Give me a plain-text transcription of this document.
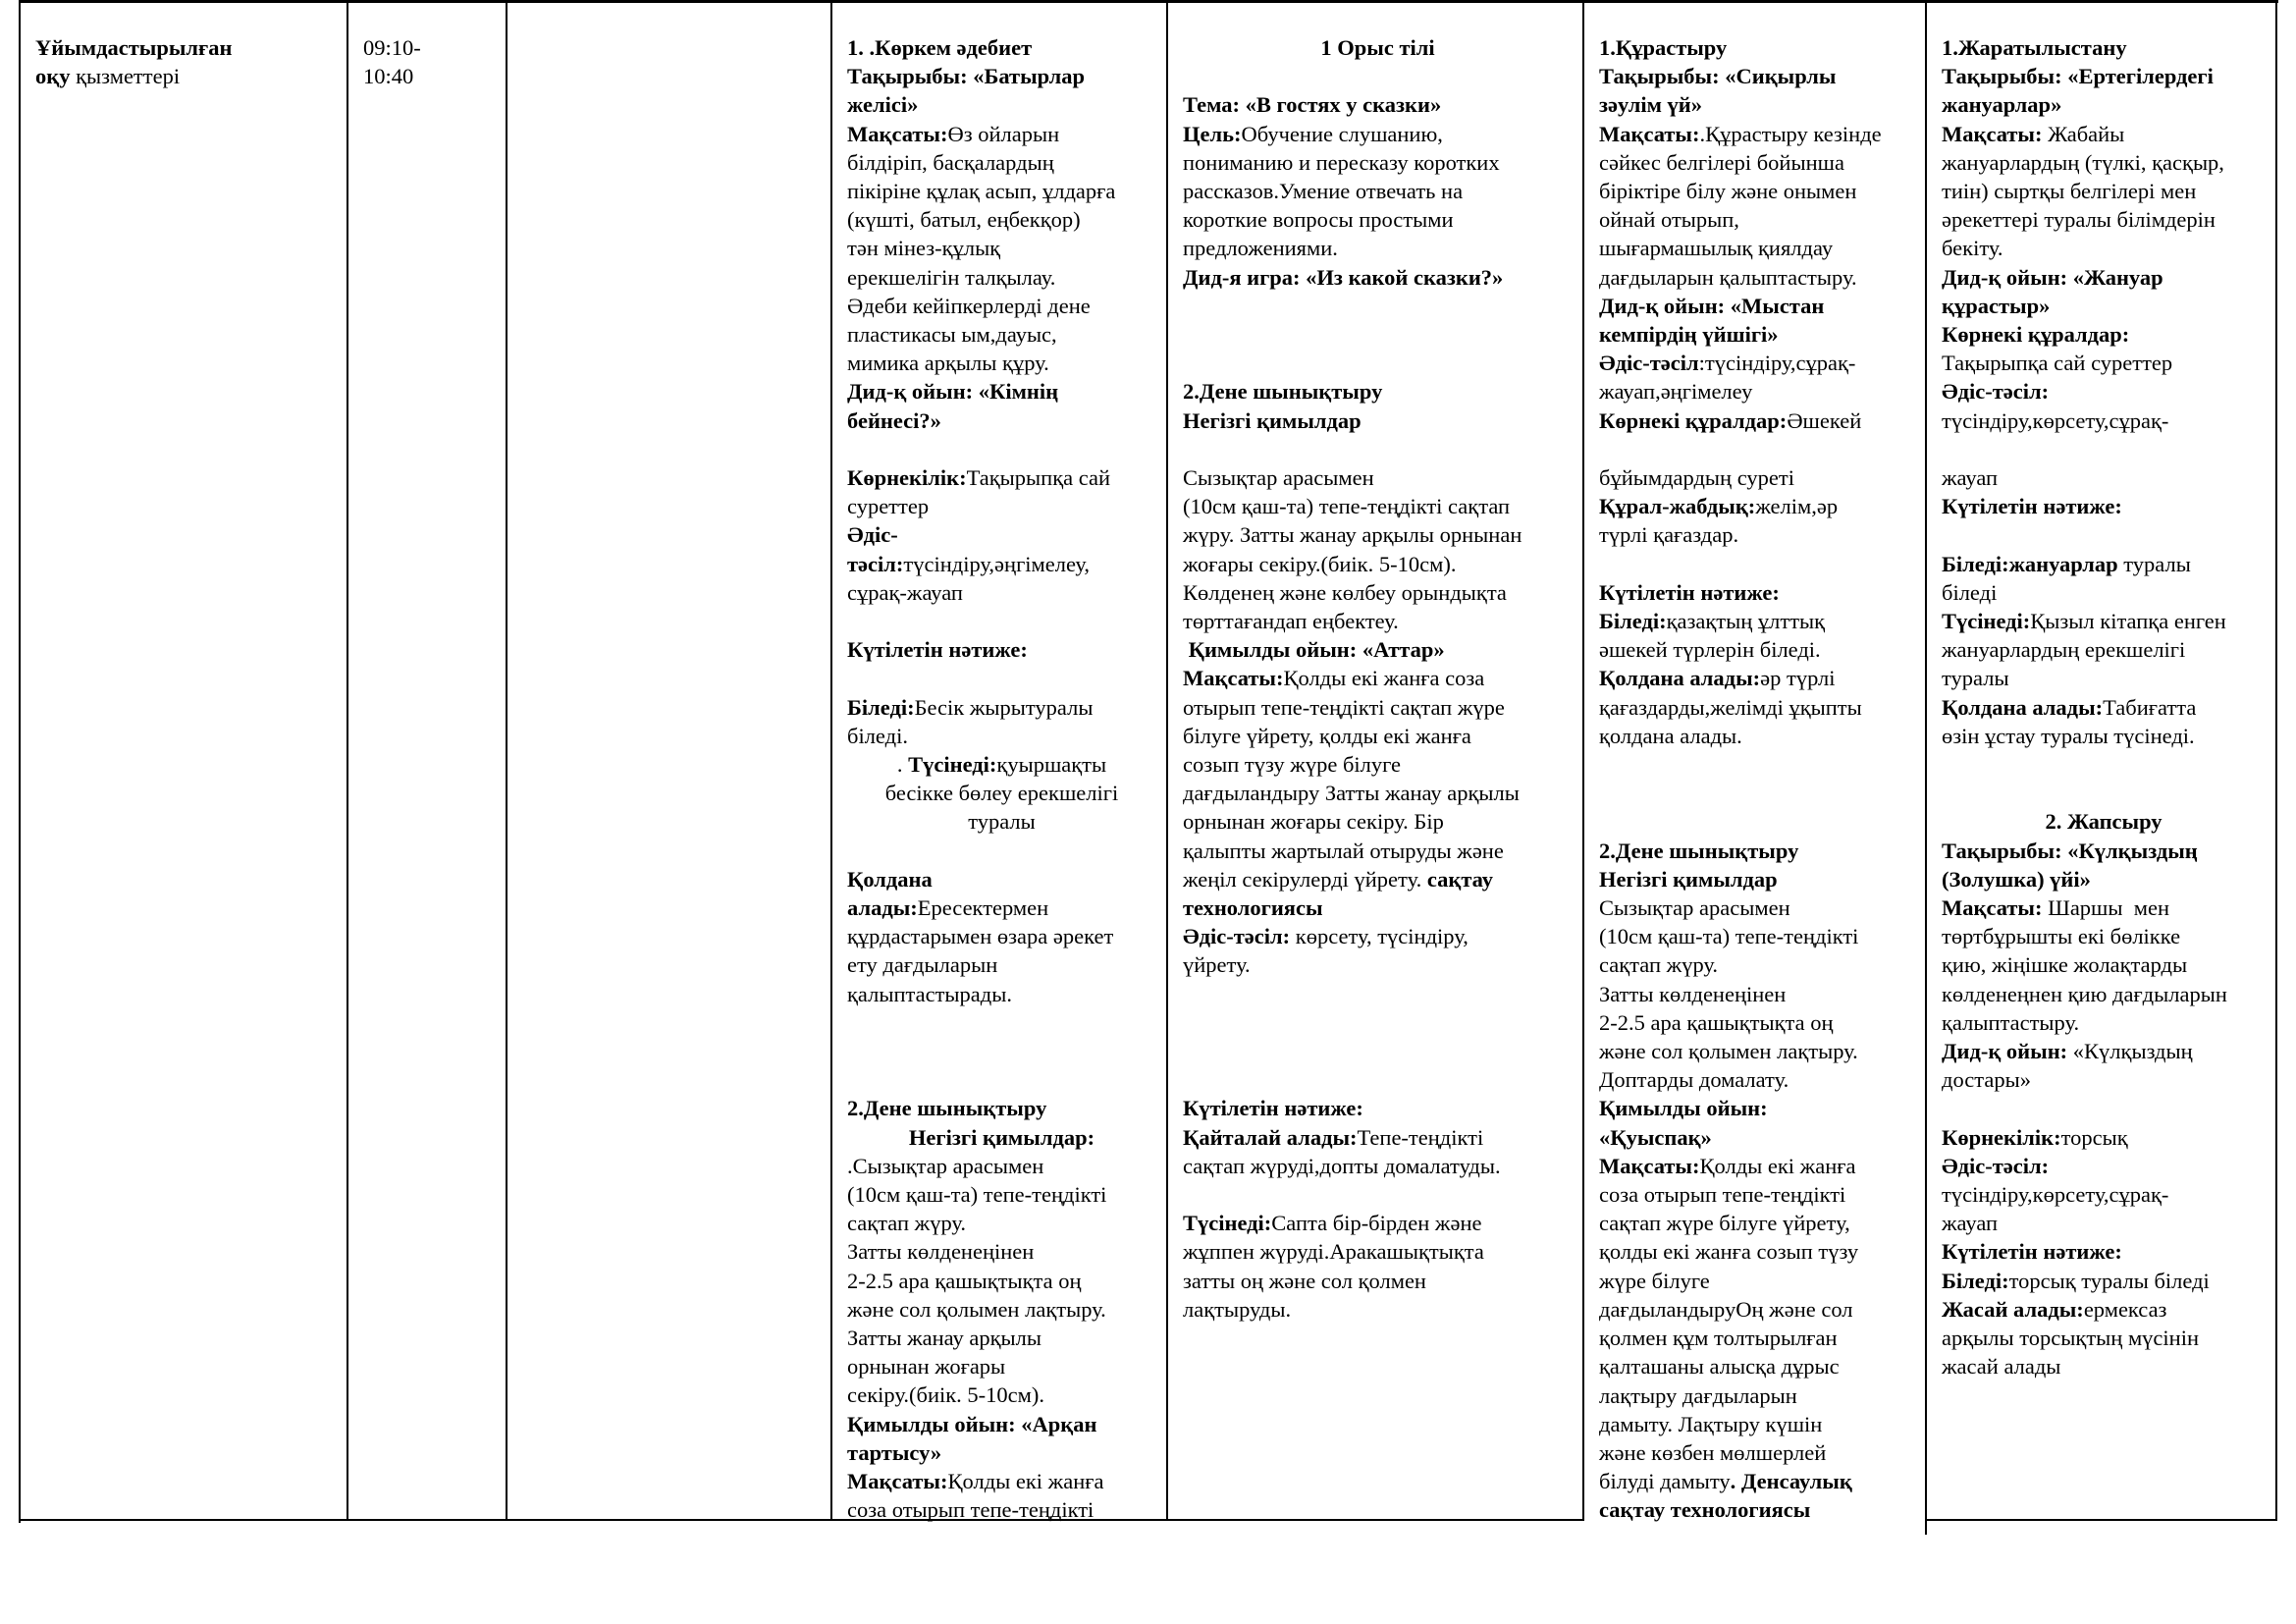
Ұйымдастырылған
оқу қызметтері
09:10-
10:40
1. .Көркем әдебиет
Тақырыбы: «Батырлар
желісі»
Мақсаты:Өз ойларын
білдіріп, басқалардың
пікіріне құлақ асып, ұлдарға
(күшті, батыл, еңбекқор)
тән мінез-құлық
ерекшелігін талқылау.
Әдеби кейіпкерлерді дене
пластикасы ым,дауыс,
мимика арқылы құру.
Дид-қ ойын: «Кімнің
бейнесі?»
Көрнекілік:Тақырыпқа сай
суреттер
Әдіс-
тәсіл:түсіндіру,әңгімелеу,
сұрақ-жауап
Күтілетін нәтиже:
Біледі:Бесік жырытуралы
біледі.
. Түсінеді:қуыршақты
бесікке бөлеу ерекшелігі
туралы
Қолдана
алады:Ересектермен
құрдастарымен өзара әрекет
ету дағдыларын
қалыптастырады.
2.Дене шынықтыру
Негізгі қимылдар:
.Сызықтар арасымен
(10см қаш-та) тепе-теңдікті
сақтап жүру.
Затты көлденеңінен
2-2.5 ара қашықтықта оң
және сол қолымен лақтыру.
Затты жанау арқылы
орнынан жоғары
секіру.(биік. 5-10см).
Қимылды ойын: «Арқан
тартысу»
Мақсаты:Қолды екі жанға
соза отырып тепе-теңдікті
1 Орыс тілі
Тема: «В гостях у сказки»
Цель:Обучение слушанию,
пониманию и пересказу коротких
рассказов.Умение отвечать на
короткие вопросы простыми
предложениями.
Дид-я игра: «Из какой сказки?»
2.Дене шынықтыру
Негізгі қимылдар
Сызықтар арасымен
(10см қаш-та) тепе-теңдікті сақтап
жүру. Затты жанау арқылы орнынан
жоғары секіру.(биік. 5-10см).
Көлденең және көлбеу орындықта
төрттағандап еңбектеу.
Қимылды ойын: «Аттар»
Мақсаты:Қолды екі жанға соза
отырып тепе-теңдікті сақтап жүре
білуге үйрету, қолды екі жанға
созып түзу жүре білуге
дағдыландыру Затты жанау арқылы
орнынан жоғары секіру. Бір
қалыпты жартылай отыруды және
жеңіл секірулерді үйрету. сақтау
технологиясы
Әдіс-тәсіл: көрсету, түсіндіру,
үйрету.
Күтілетін нәтиже:
Қайталай алады:Тепе-теңдікті
сақтап жүруді,допты домалатуды.
Түсінеді:Сапта бір-бірден және
жұппен жүруді.Аракашықтықта
затты оң және сол қолмен
лақтыруды.
1.Құрастыру
Тақырыбы: «Сиқырлы
зәулім үй»
Мақсаты:.Құрастыру кезінде
сәйкес белгілері бойынша
біріктіре білу және онымен
ойнай отырып,
шығармашылық қиялдау
дағдыларын қалыптастыру.
Дид-қ ойын: «Мыстан
кемпірдің үйшігі»
Әдіс-тәсіл:түсіндіру,сұрақ-
жауап,әңгімелеу
Көрнекі құралдар:Әшекей
бұйымдардың суреті
Құрал-жабдық:желім,әр
түрлі қағаздар.
Күтілетін нәтиже:
Біледі:қазақтың ұлттық
әшекей түрлерін біледі.
Қолдана алады:әр түрлі
қағаздарды,желімді ұқыпты
қолдана алады.
2.Дене шынықтыру
Негізгі қимылдар
Сызықтар арасымен
(10см қаш-та) тепе-теңдікті
сақтап жүру.
Затты көлденеңінен
2-2.5 ара қашықтықта оң
және сол қолымен лақтыру.
Доптарды домалату.
Қимылды ойын:
«Қуыспақ»
Мақсаты:Қолды екі жанға
соза отырып тепе-теңдікті
сақтап жүре білуге үйрету,
қолды екі жанға созып түзу
жүре білуге
дағдыландыруОң және сол
қолмен құм толтырылған
қалташаны алысқа дұрыс
лақтыру дағдыларын
дамыту. Лақтыру күшін
және көзбен мөлшерлей
білуді дамыту. Денсаулық
сақтау технологиясы
1.Жаратылыстану
Тақырыбы: «Ертегілердегі
жануарлар»
Мақсаты: Жабайы
жануарлардың (түлкі, қасқыр,
тиін) сыртқы белгілері мен
әрекеттері туралы білімдерін
бекіту.
Дид-қ ойын: «Жануар
құрастыр»
Көрнекі құралдар:
Тақырыпқа сай суреттер
Әдіс-тәсіл:
түсіндіру,көрсету,сұрақ-
жауап
Күтілетін нәтиже:
Біледі:жануарлар туралы
біледі
Түсінеді:Қызыл кітапқа енген
жануарлардың ерекшелігі
туралы
Қолдана алады:Табиғатта
өзін ұстау туралы түсінеді.
2. Жапсыру
Тақырыбы: «Күлқыздың
(Золушка) үйі»
Мақсаты: Шаршы  мен
төртбұрышты екі бөлікке
қию, жіңішке жолақтарды
көлденеңнен қию дағдыларын
қалыптастыру.
Дид-қ ойын: «Күлқыздың
достары»
Көрнекілік:торсық
Әдіс-тәсіл:
түсіндіру,көрсету,сұрақ-
жауап
Күтілетін нәтиже:
Біледі:торсық туралы біледі
Жасай алады:ермексаз
арқылы торсықтың мүсінін
жасай алады
